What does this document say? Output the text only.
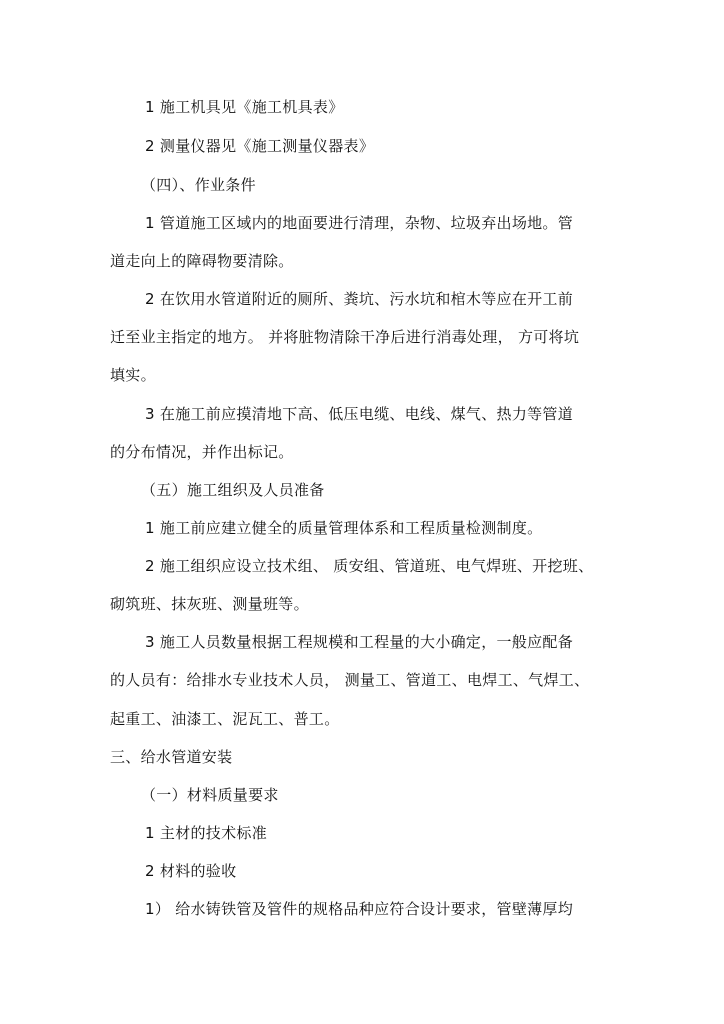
1 施工机具见《施工机具表》
2 测量仪器见《施工测量仪器表》
（四）、作业条件
1 管道施工区域内的地面要进行清理，杂物、垃圾弃出场地。管
道走向上的障碍物要清除。
2 在饮用水管道附近的厕所、粪坑、污水坑和棺木等应在开工前
迁至业主指定的地方。 并将脏物清除干净后进行消毒处理， 方可将坑
填实。
3 在施工前应摸清地下高、低压电缆、电线、煤气、热力等管道
的分布情况，并作出标记。
（五）施工组织及人员准备
1 施工前应建立健全的质量管理体系和工程质量检测制度。
2 施工组织应设立技术组、 质安组、管道班、电气焊班、开挖班、
砌筑班、抹灰班、测量班等。
3 施工人员数量根据工程规模和工程量的大小确定，一般应配备
的人员有：给排水专业技术人员， 测量工、管道工、电焊工、气焊工、
起重工、油漆工、泥瓦工、普工。
三、给水管道安装
（一）材料质量要求
1 主材的技术标准
2 材料的验收
1） 给水铸铁管及管件的规格品种应符合设计要求，管壁薄厚均
